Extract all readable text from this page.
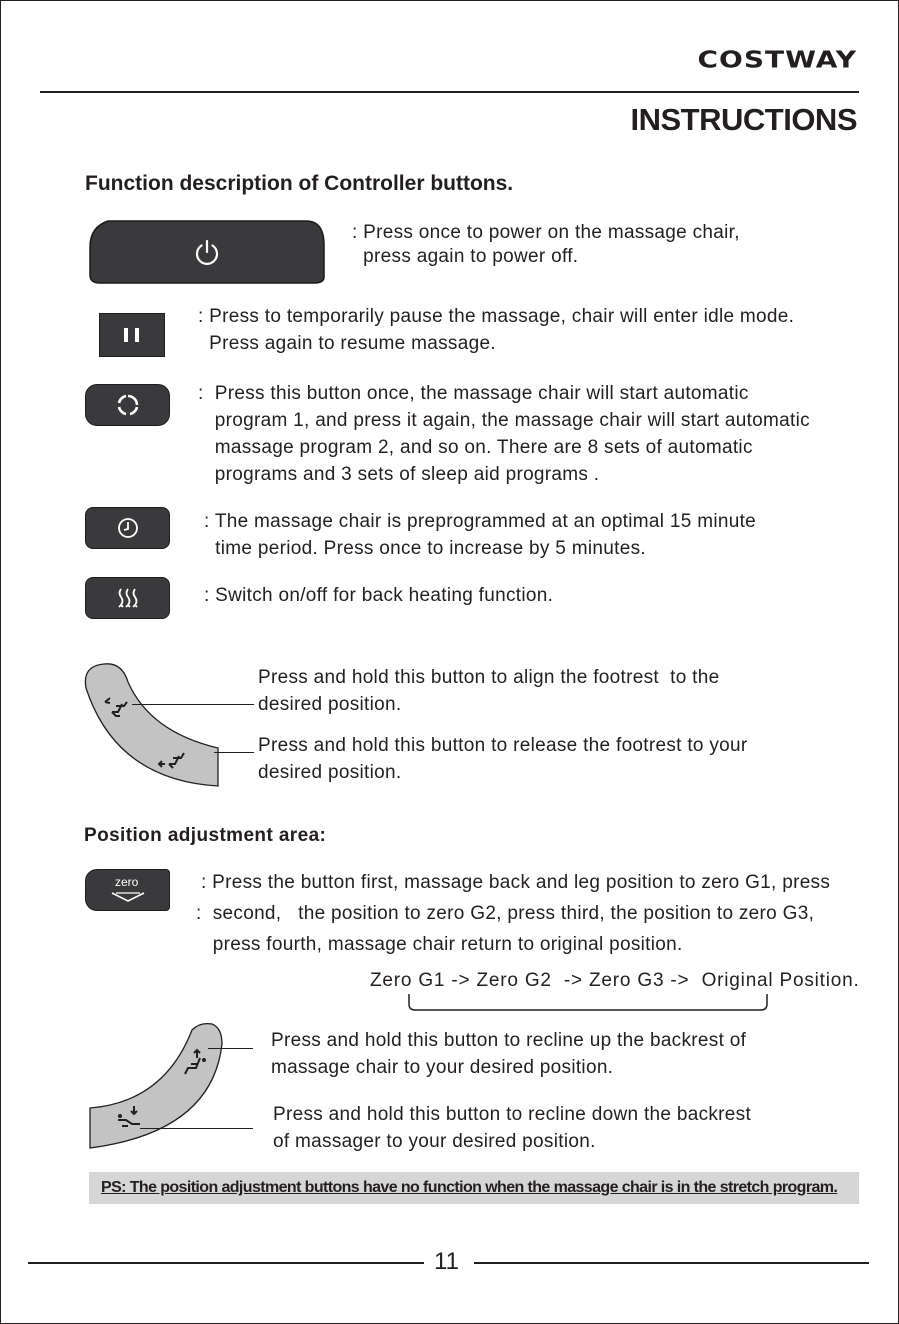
COSTWAY
INSTRUCTIONS
Function description of Controller buttons.
: Press once to power on the massage chair,
press again to power off.
: Press to temporarily pause the massage, chair will enter idle mode.
Press again to resume massage.
:  Press this button once, the massage chair will start automatic
program 1, and press it again, the massage chair will start automatic
massage program 2, and so on. There are 8 sets of automatic
programs and 3 sets of sleep aid programs .
: The massage chair is preprogrammed at an optimal 15 minute
time period. Press once to increase by 5 minutes.
: Switch on/off for back heating function.
Press and hold this button to align the footrest  to the
desired position.
Press and hold this button to release the footrest to your
desired position.
Position adjustment area:
zero	: Press the button first, massage back and leg position to zero G1, press
:  second,   the position to zero G2, press third, the position to zero G3,
press fourth, massage chair return to original position.
Zero G1 -> Zero G2  -> Zero G3 ->  Original Position.
Press and hold this button to recline up the backrest of
massage chair to your desired position.
Press and hold this button to recline down the backrest
of massager to your desired position.
PS: The position adjustment buttons have no function when the massage chair is in the stretch program.
11
